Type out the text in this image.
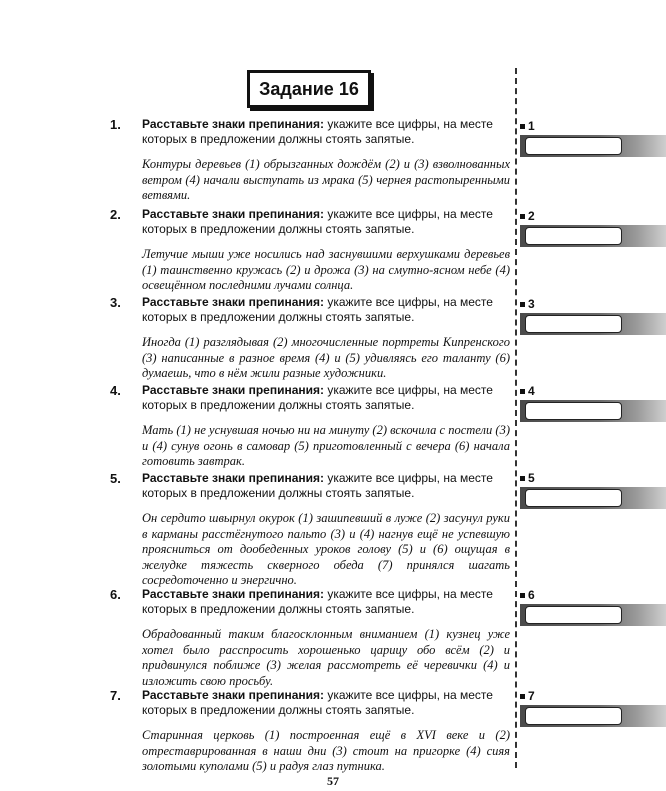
Задание 16
1.	Расставьте знаки препинания: укажите все цифры, на месте которых в предложении должны стоять запятые.
Контуры деревьев (1) обрызганных дождём (2) и (3) взволнованных ветром (4) начали выступать из мрака (5) чернея растопыренными ветвями.
1
2.	Расставьте знаки препинания: укажите все цифры, на месте которых в предложении должны стоять запятые.
Летучие мыши уже носились над заснувшими верхушками деревьев (1) таинственно кружась (2) и дрожа (3) на смутно-ясном небе (4) освещённом последними лучами солнца.
2
3.	Расставьте знаки препинания: укажите все цифры, на месте которых в предложении должны стоять запятые.
Иногда (1) разглядывая (2) многочисленные портреты Кипренского (3) написанные в разное время (4) и (5) удивляясь его таланту (6) думаешь, что в нём жили разные художники.
3
4.	Расставьте знаки препинания: укажите все цифры, на месте которых в предложении должны стоять запятые.
Мать (1) не уснувшая ночью ни на минуту (2) вскочила с постели (3) и (4) сунув огонь в самовар (5) приготовленный с вечера (6) начала готовить завтрак.
4
5.	Расставьте знаки препинания: укажите все цифры, на месте которых в предложении должны стоять запятые.
Он сердито швырнул окурок (1) зашипевший в луже (2) засунул руки в карманы расстёгнутого пальто (3) и (4) нагнув ещё не успевшую проясниться от дообеденных уроков голову (5) и (6) ощущая в желудке тяжесть скверного обеда (7) принялся шагать сосредоточенно и энергично.
5
6.	Расставьте знаки препинания: укажите все цифры, на месте которых в предложении должны стоять запятые.
Обрадованный таким благосклонным вниманием (1) кузнец уже хотел было расспросить хорошенько царицу обо всём (2) и придвинулся поближе (3) желая рассмотреть её черевички (4) и изложить свою просьбу.
6
7.	Расставьте знаки препинания: укажите все цифры, на месте которых в предложении должны стоять запятые.
Старинная церковь (1) построенная ещё в XVI веке и (2) отреставрированная в наши дни (3) стоит на пригорке (4) сияя золотыми куполами (5) и радуя глаз путника.
7
57
